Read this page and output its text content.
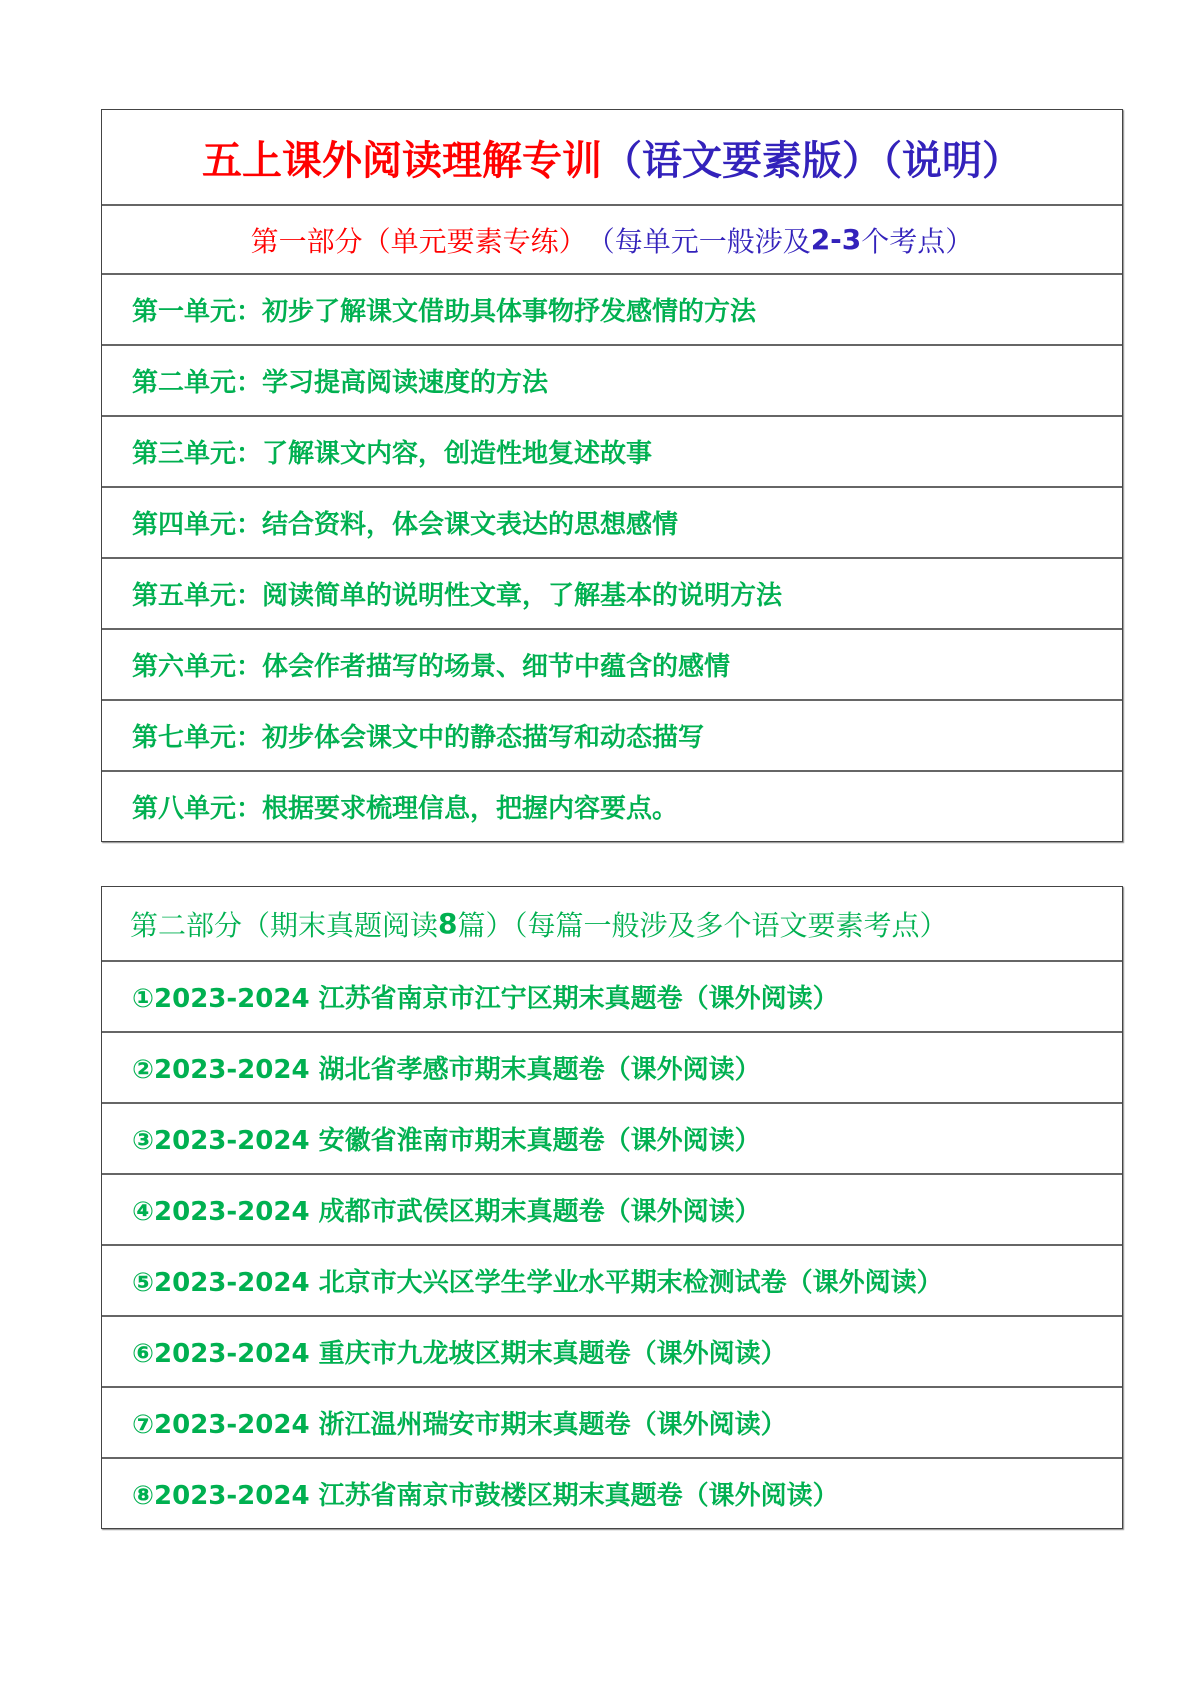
五上课外阅读理解专训 （语文要素版）（说明）
第一部分（单元要素专练） （每单元一般涉及 2-3 个考点）
第一单元：初步了解课文借助具体事物抒发感情的方法
第二单元：学习提高阅读速度的方法
第三单元：了解课文内容，创造性地复述故事
第四单元：结合资料，体会课文表达的思想感情
第五单元：阅读简单的说明性文章，了解基本的说明方法
第六单元：体会作者描写的场景、细节中蕴含的感情
第七单元：初步体会课文中的静态描写和动态描写
第八单元：根据要求梳理信息，把握内容要点。
第二部分（期末真题阅读 8 篇）（每篇一般涉及多个语文要素考点）
①2023-2024 江苏省南京市江宁区期末真题卷（课外阅读）
②2023-2024 湖北省孝感市期末真题卷（课外阅读）
③2023-2024 安徽省淮南市期末真题卷（课外阅读）
④2023-2024 成都市武侯区期末真题卷（课外阅读）
⑤2023-2024 北京市大兴区学生学业水平期末检测试卷（课外阅读）
⑥2023-2024 重庆市九龙坡区期末真题卷（课外阅读）
⑦2023-2024 浙江温州瑞安市期末真题卷（课外阅读）
⑧2023-2024 江苏省南京市鼓楼区期末真题卷（课外阅读）
